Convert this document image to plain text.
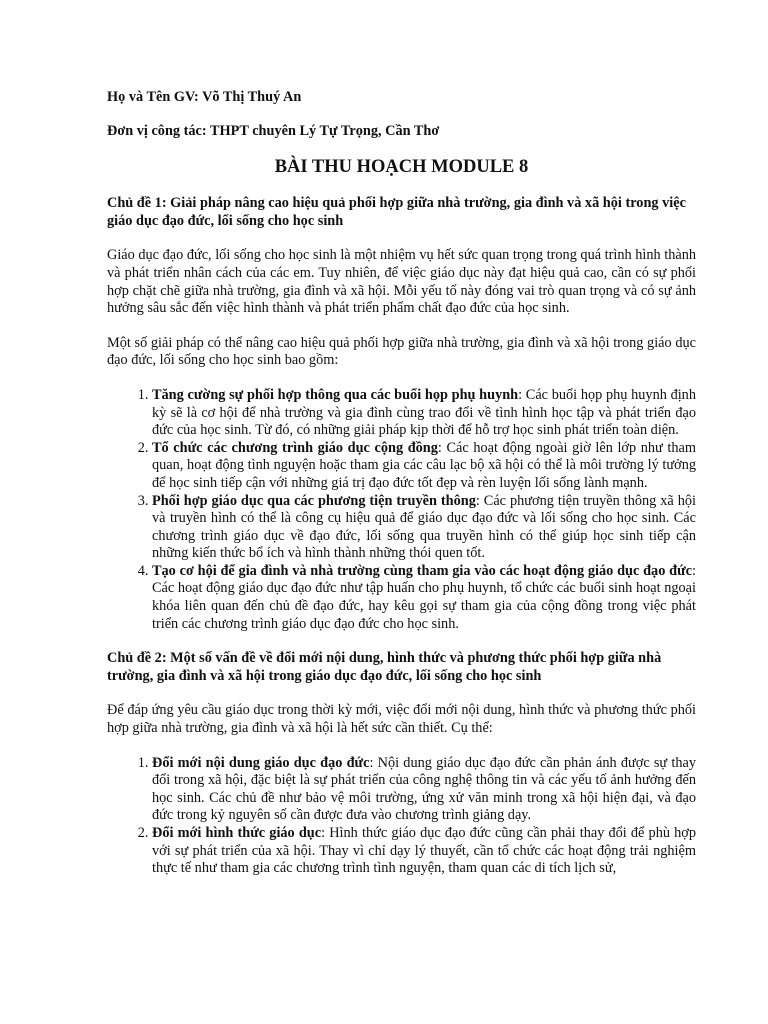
Họ và Tên GV: Võ Thị Thuý An

Đơn vị công tác: THPT chuyên Lý Tự Trọng, Cần Thơ

BÀI THU HOẠCH MODULE 8

Chủ đề 1: Giải pháp nâng cao hiệu quả phối hợp giữa nhà trường, gia đình và xã hội trong việc giáo dục đạo đức, lối sống cho học sinh

Giáo dục đạo đức, lối sống cho học sinh là một nhiệm vụ hết sức quan trọng trong quá trình hình thành và phát triển nhân cách của các em. Tuy nhiên, để việc giáo dục này đạt hiệu quả cao, cần có sự phối hợp chặt chẽ giữa nhà trường, gia đình và xã hội. Mỗi yếu tố này đóng vai trò quan trọng và có sự ảnh hưởng sâu sắc đến việc hình thành và phát triển phẩm chất đạo đức của học sinh.

Một số giải pháp có thể nâng cao hiệu quả phối hợp giữa nhà trường, gia đình và xã hội trong giáo dục đạo đức, lối sống cho học sinh bao gồm:

1. Tăng cường sự phối hợp thông qua các buổi họp phụ huynh: Các buổi họp phụ huynh định kỳ sẽ là cơ hội để nhà trường và gia đình cùng trao đổi về tình hình học tập và phát triển đạo đức của học sinh. Từ đó, có những giải pháp kịp thời để hỗ trợ học sinh phát triển toàn diện.
2. Tổ chức các chương trình giáo dục cộng đồng: Các hoạt động ngoài giờ lên lớp như tham quan, hoạt động tình nguyện hoặc tham gia các câu lạc bộ xã hội có thể là môi trường lý tưởng để học sinh tiếp cận với những giá trị đạo đức tốt đẹp và rèn luyện lối sống lành mạnh.
3. Phối hợp giáo dục qua các phương tiện truyền thông: Các phương tiện truyền thông xã hội và truyền hình có thể là công cụ hiệu quả để giáo dục đạo đức và lối sống cho học sinh. Các chương trình giáo dục về đạo đức, lối sống qua truyền hình có thể giúp học sinh tiếp cận những kiến thức bổ ích và hình thành những thói quen tốt.
4. Tạo cơ hội để gia đình và nhà trường cùng tham gia vào các hoạt động giáo dục đạo đức: Các hoạt động giáo dục đạo đức như tập huấn cho phụ huynh, tổ chức các buổi sinh hoạt ngoại khóa liên quan đến chủ đề đạo đức, hay kêu gọi sự tham gia của cộng đồng trong việc phát triển các chương trình giáo dục đạo đức cho học sinh.

Chủ đề 2: Một số vấn đề về đổi mới nội dung, hình thức và phương thức phối hợp giữa nhà trường, gia đình và xã hội trong giáo dục đạo đức, lối sống cho học sinh

Để đáp ứng yêu cầu giáo dục trong thời kỳ mới, việc đổi mới nội dung, hình thức và phương thức phối hợp giữa nhà trường, gia đình và xã hội là hết sức cần thiết. Cụ thể:

1. Đổi mới nội dung giáo dục đạo đức: Nội dung giáo dục đạo đức cần phản ánh được sự thay đổi trong xã hội, đặc biệt là sự phát triển của công nghệ thông tin và các yếu tố ảnh hưởng đến học sinh. Các chủ đề như bảo vệ môi trường, ứng xử văn minh trong xã hội hiện đại, và đạo đức trong kỷ nguyên số cần được đưa vào chương trình giảng dạy.
2. Đổi mới hình thức giáo dục: Hình thức giáo dục đạo đức cũng cần phải thay đổi để phù hợp với sự phát triển của xã hội. Thay vì chỉ dạy lý thuyết, cần tổ chức các hoạt động trải nghiệm thực tế như tham gia các chương trình tình nguyện, tham quan các di tích lịch sử,
